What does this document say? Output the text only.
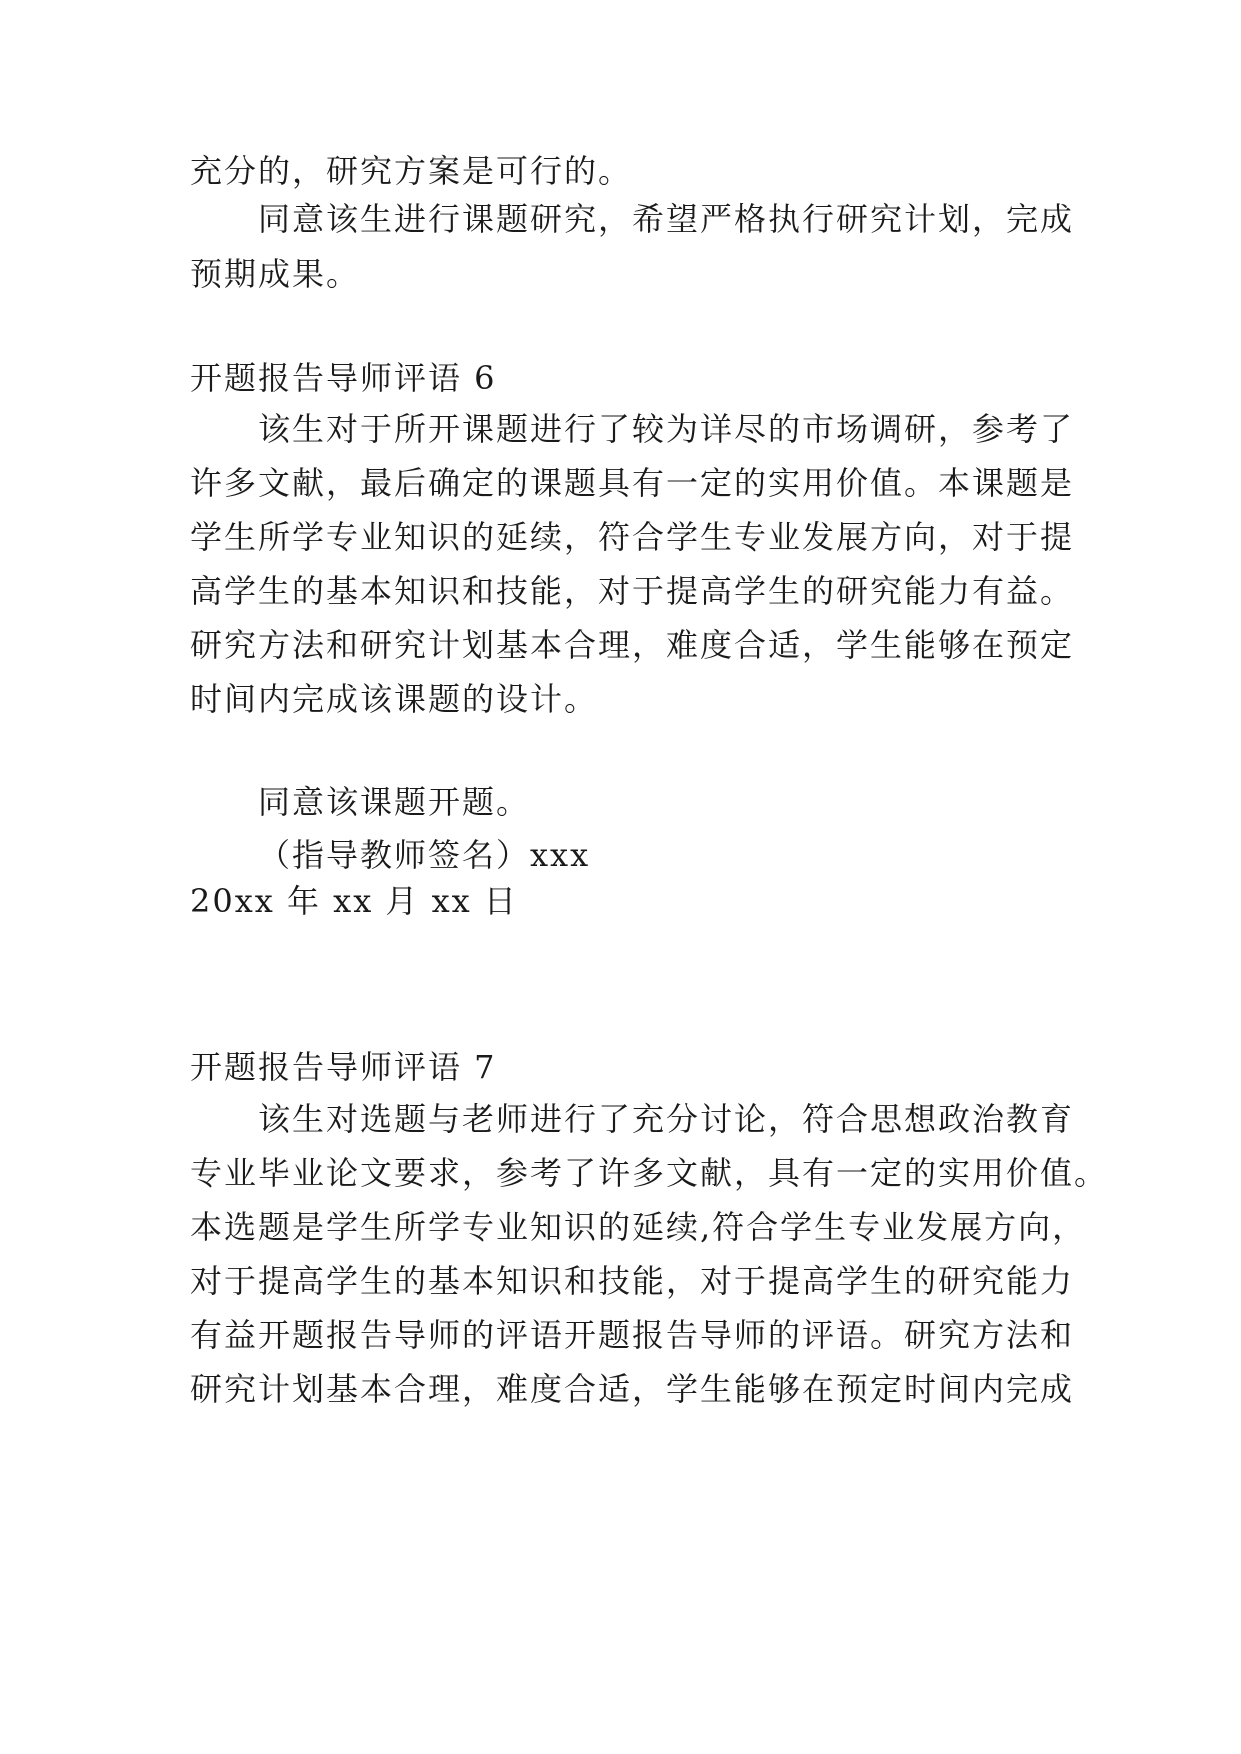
充分的，研究方案是可行的。
同意该生进行课题研究，希望严格执行研究计划，完成
预期成果。
开题报告导师评语 6
该生对于所开课题进行了较为详尽的市场调研，参考了
许多文献，最后确定的课题具有一定的实用价值。本课题是
学生所学专业知识的延续，符合学生专业发展方向，对于提
高学生的基本知识和技能，对于提高学生的研究能力有益。
研究方法和研究计划基本合理，难度合适，学生能够在预定
时间内完成该课题的设计。
同意该课题开题。
（指导教师签名）xxx
20xx 年 xx 月 xx 日
开题报告导师评语 7
该生对选题与老师进行了充分讨论，符合思想政治教育
专业毕业论文要求，参考了许多文献，具有一定的实用价值。
本选题是学生所学专业知识的延续,符合学生专业发展方向，
对于提高学生的基本知识和技能，对于提高学生的研究能力
有益开题报告导师的评语开题报告导师的评语。研究方法和
研究计划基本合理，难度合适，学生能够在预定时间内完成
